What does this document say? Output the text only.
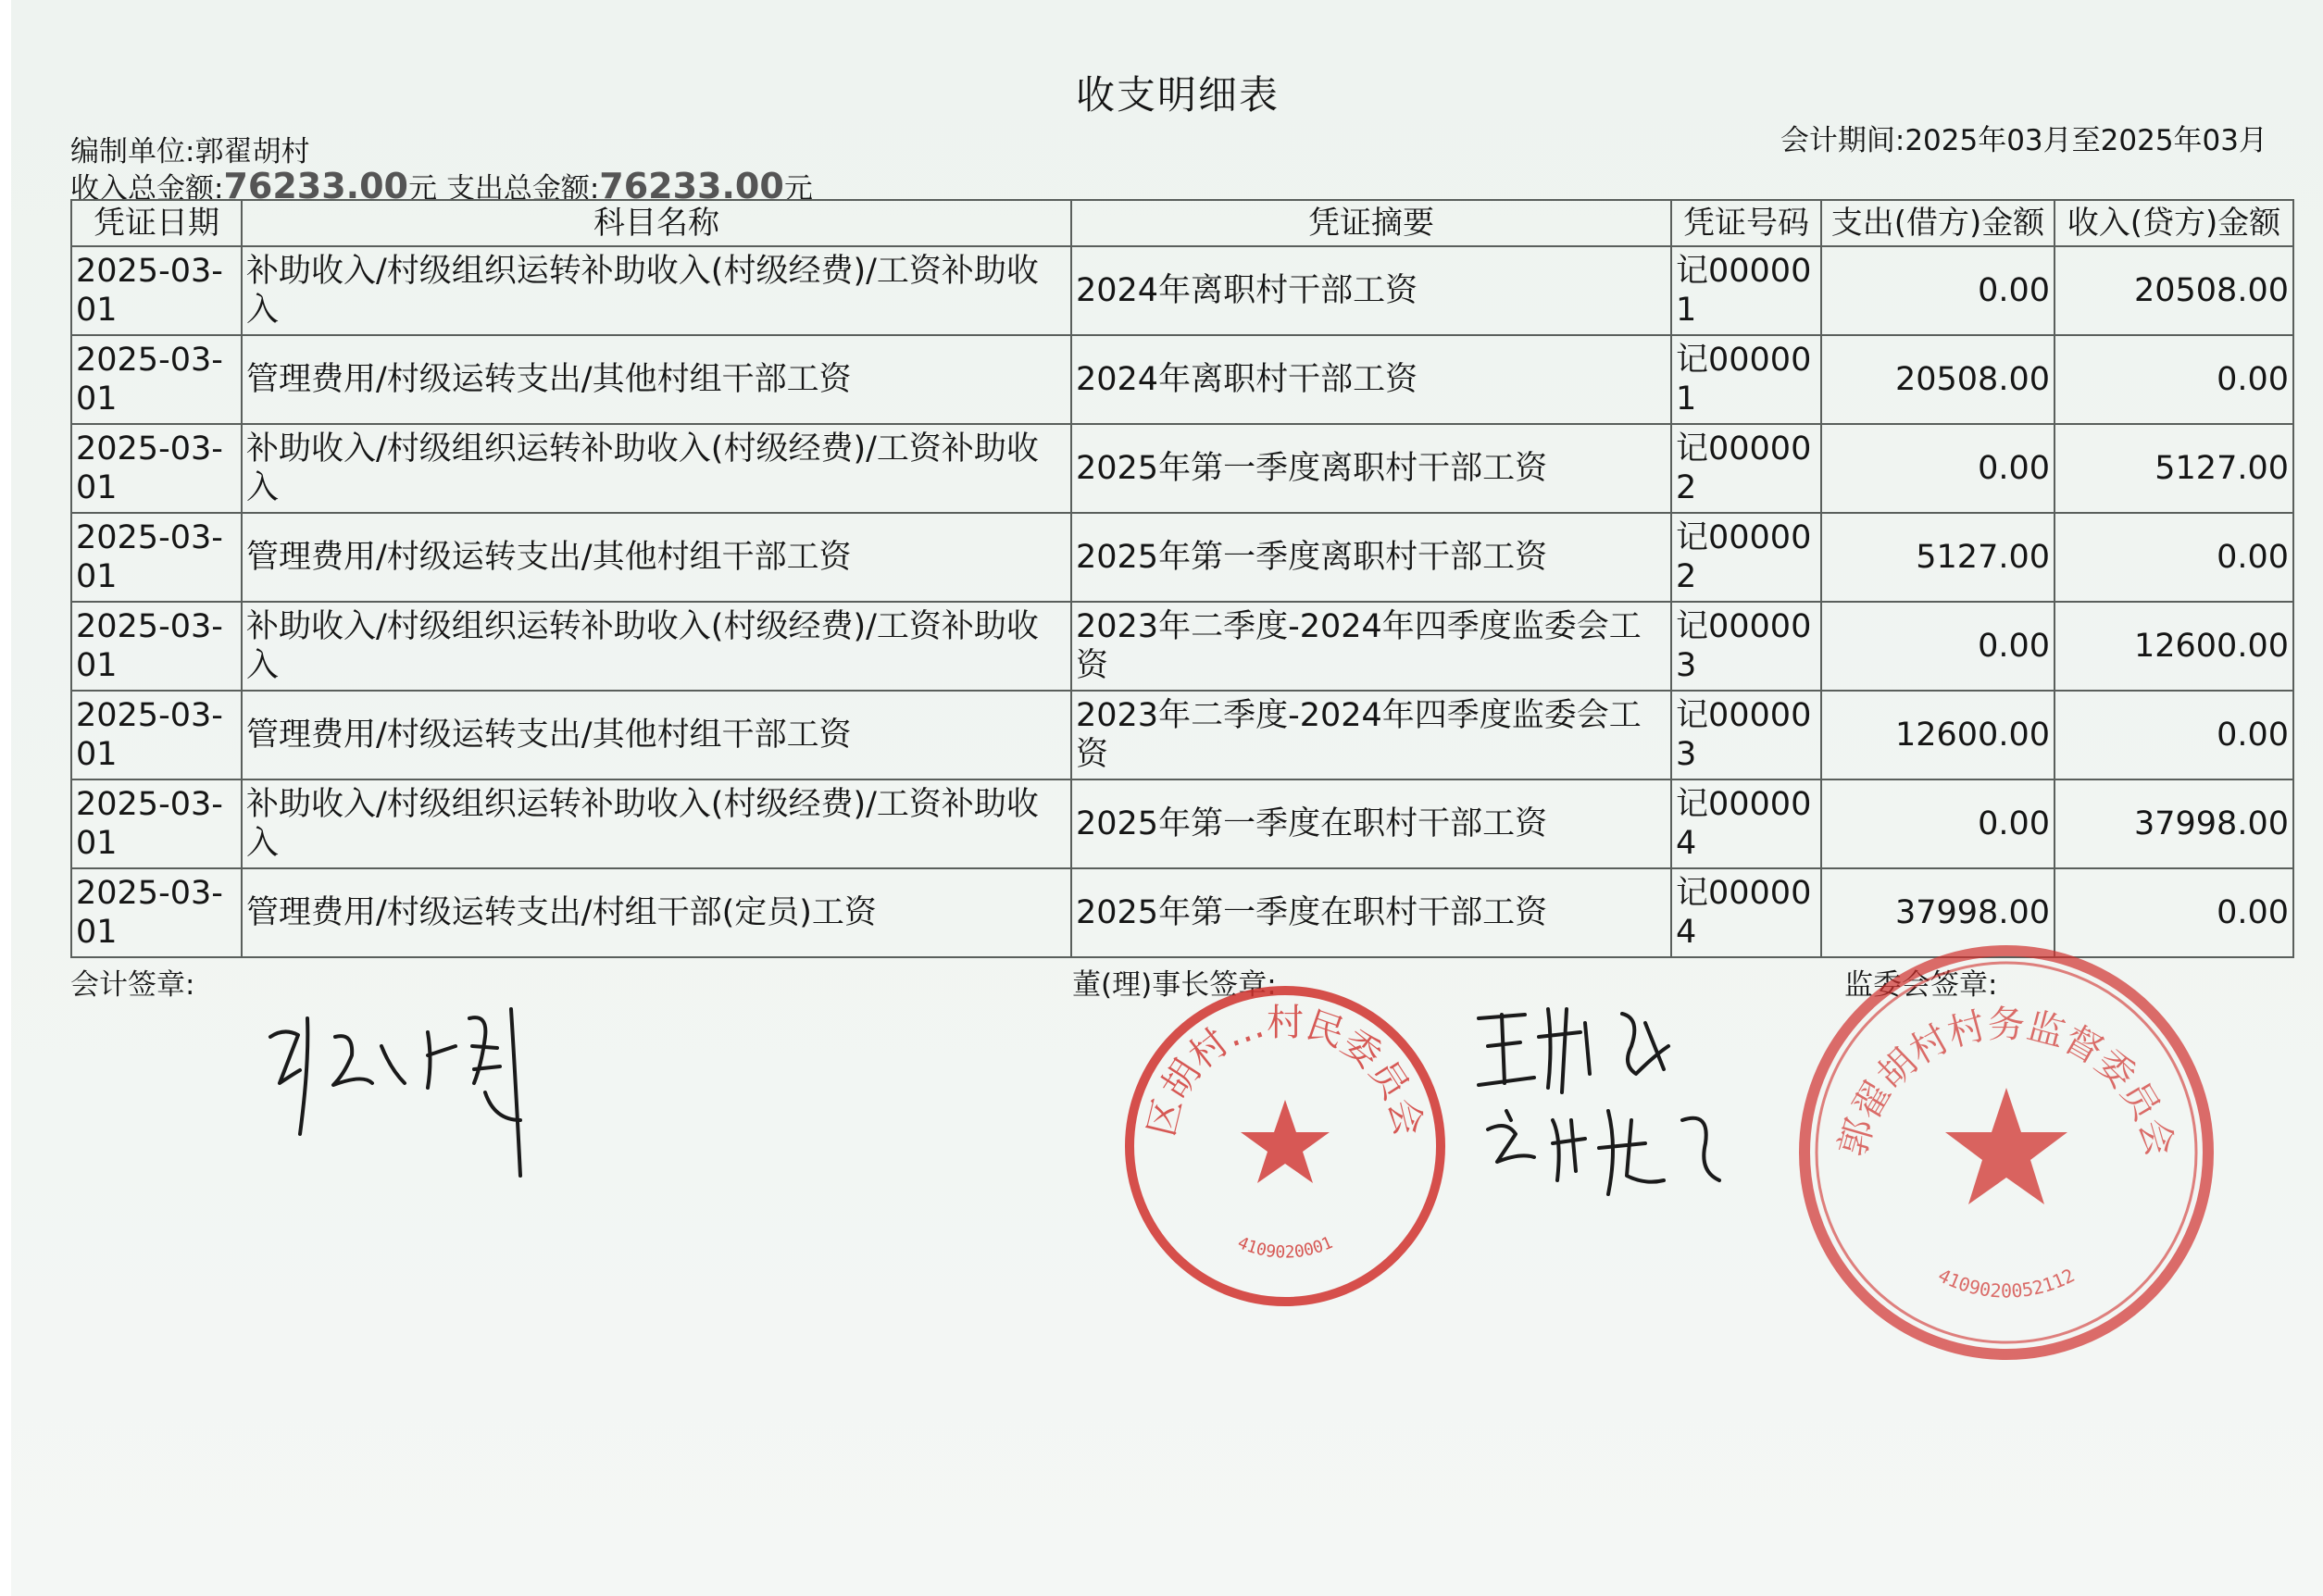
收支明细表
编制单位:郭翟胡村	会计期间:2025年03月至2025年03月
收入总金额:76233.00元 支出总金额:76233.00元
凭证日期	科目名称	凭证摘要	凭证号码	支出(借方)金额	收入(贷方)金额
2025-03-01	补助收入/村级组织运转补助收入(村级经费)/工资补助收入	2024年离职村干部工资	记000001	0.00	20508.00
2025-03-01	管理费用/村级运转支出/其他村组干部工资	2024年离职村干部工资	记000001	20508.00	0.00
2025-03-01	补助收入/村级组织运转补助收入(村级经费)/工资补助收入	2025年第一季度离职村干部工资	记000002	0.00	5127.00
2025-03-01	管理费用/村级运转支出/其他村组干部工资	2025年第一季度离职村干部工资	记000002	5127.00	0.00
2025-03-01	补助收入/村级组织运转补助收入(村级经费)/工资补助收入	2023年二季度-2024年四季度监委会工资	记000003	0.00	12600.00
2025-03-01	管理费用/村级运转支出/其他村组干部工资	2023年二季度-2024年四季度监委会工资	记000003	12600.00	0.00
2025-03-01	补助收入/村级组织运转补助收入(村级经费)/工资补助收入	2025年第一季度在职村干部工资	记000004	0.00	37998.00
2025-03-01	管理费用/村级运转支出/村组干部(定员)工资	2025年第一季度在职村干部工资	记000004	37998.00	0.00
会计签章:	董(理)事长签章:	监委会签章:
区胡村…村民委员会
4109020001
郭翟胡村村务监督委员会
4109020052112
